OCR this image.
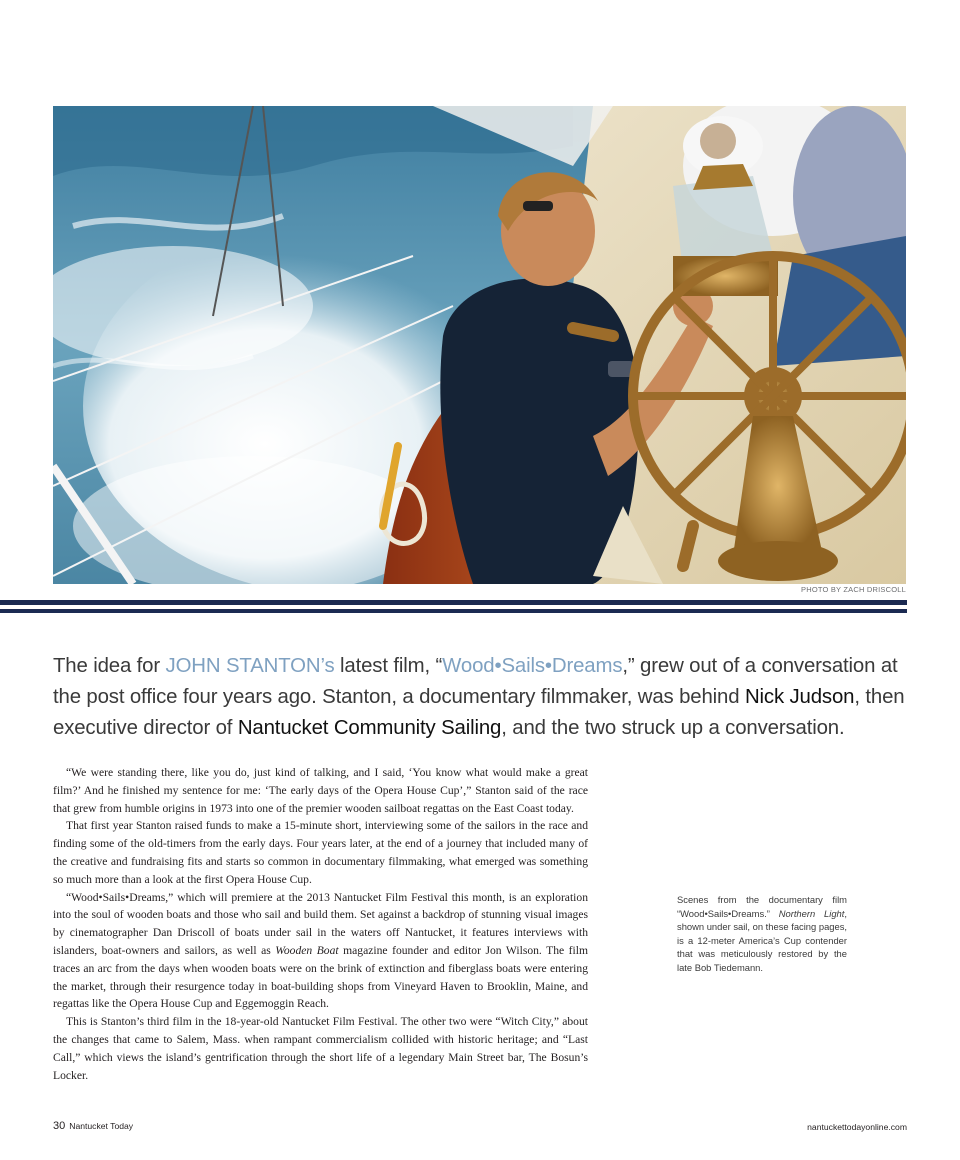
PHOTO BY ZACH DRISCOLL

The idea for JOHN STANTON’s latest film, “Wood•Sails•Dreams,” grew out of a conversation at the post office four years ago. Stanton, a documentary filmmaker, was behind Nick Judson, then executive director of Nantucket Community Sailing, and the two struck up a conversation.

“We were standing there, like you do, just kind of talking, and I said, ‘You know what would make a great film?’ And he finished my sentence for me: ‘The early days of the Opera House Cup’,” Stanton said of the race that grew from humble origins in 1973 into one of the premier wooden sailboat regattas on the East Coast today.

That first year Stanton raised funds to make a 15-minute short, interviewing some of the sailors in the race and finding some of the old-timers from the early days. Four years later, at the end of a journey that included many of the creative and fundraising fits and starts so common in documentary filmmaking, what emerged was something so much more than a look at the first Opera House Cup.

“Wood•Sails•Dreams,” which will premiere at the 2013 Nantucket Film Festival this month, is an exploration into the soul of wooden boats and those who sail and build them. Set against a backdrop of stunning visual images by cinematographer Dan Driscoll of boats under sail in the waters off Nantucket, it features interviews with islanders, boat-owners and sailors, as well as Wooden Boat magazine founder and editor Jon Wilson. The film traces an arc from the days when wooden boats were on the brink of extinction and fiberglass boats were entering the market, through their resurgence today in boat-building shops from Vineyard Haven to Brooklin, Maine, and regattas like the Opera House Cup and Eggemoggin Reach.

This is Stanton’s third film in the 18-year-old Nantucket Film Festival. The other two were “Witch City,” about the changes that came to Salem, Mass. when rampant commercialism collided with historic heritage; and “Last Call,” which views the island’s gentrification through the short life of a legendary Main Street bar, The Bosun’s Locker.

Scenes from the documentary film “Wood•Sails•Dreams.” Northern Light, shown under sail, on these facing pages, is a 12-meter America’s Cup contender that was meticulously restored by the late Bob Tiedemann.
30 Nantucket Today	nantuckettodayonline.com
